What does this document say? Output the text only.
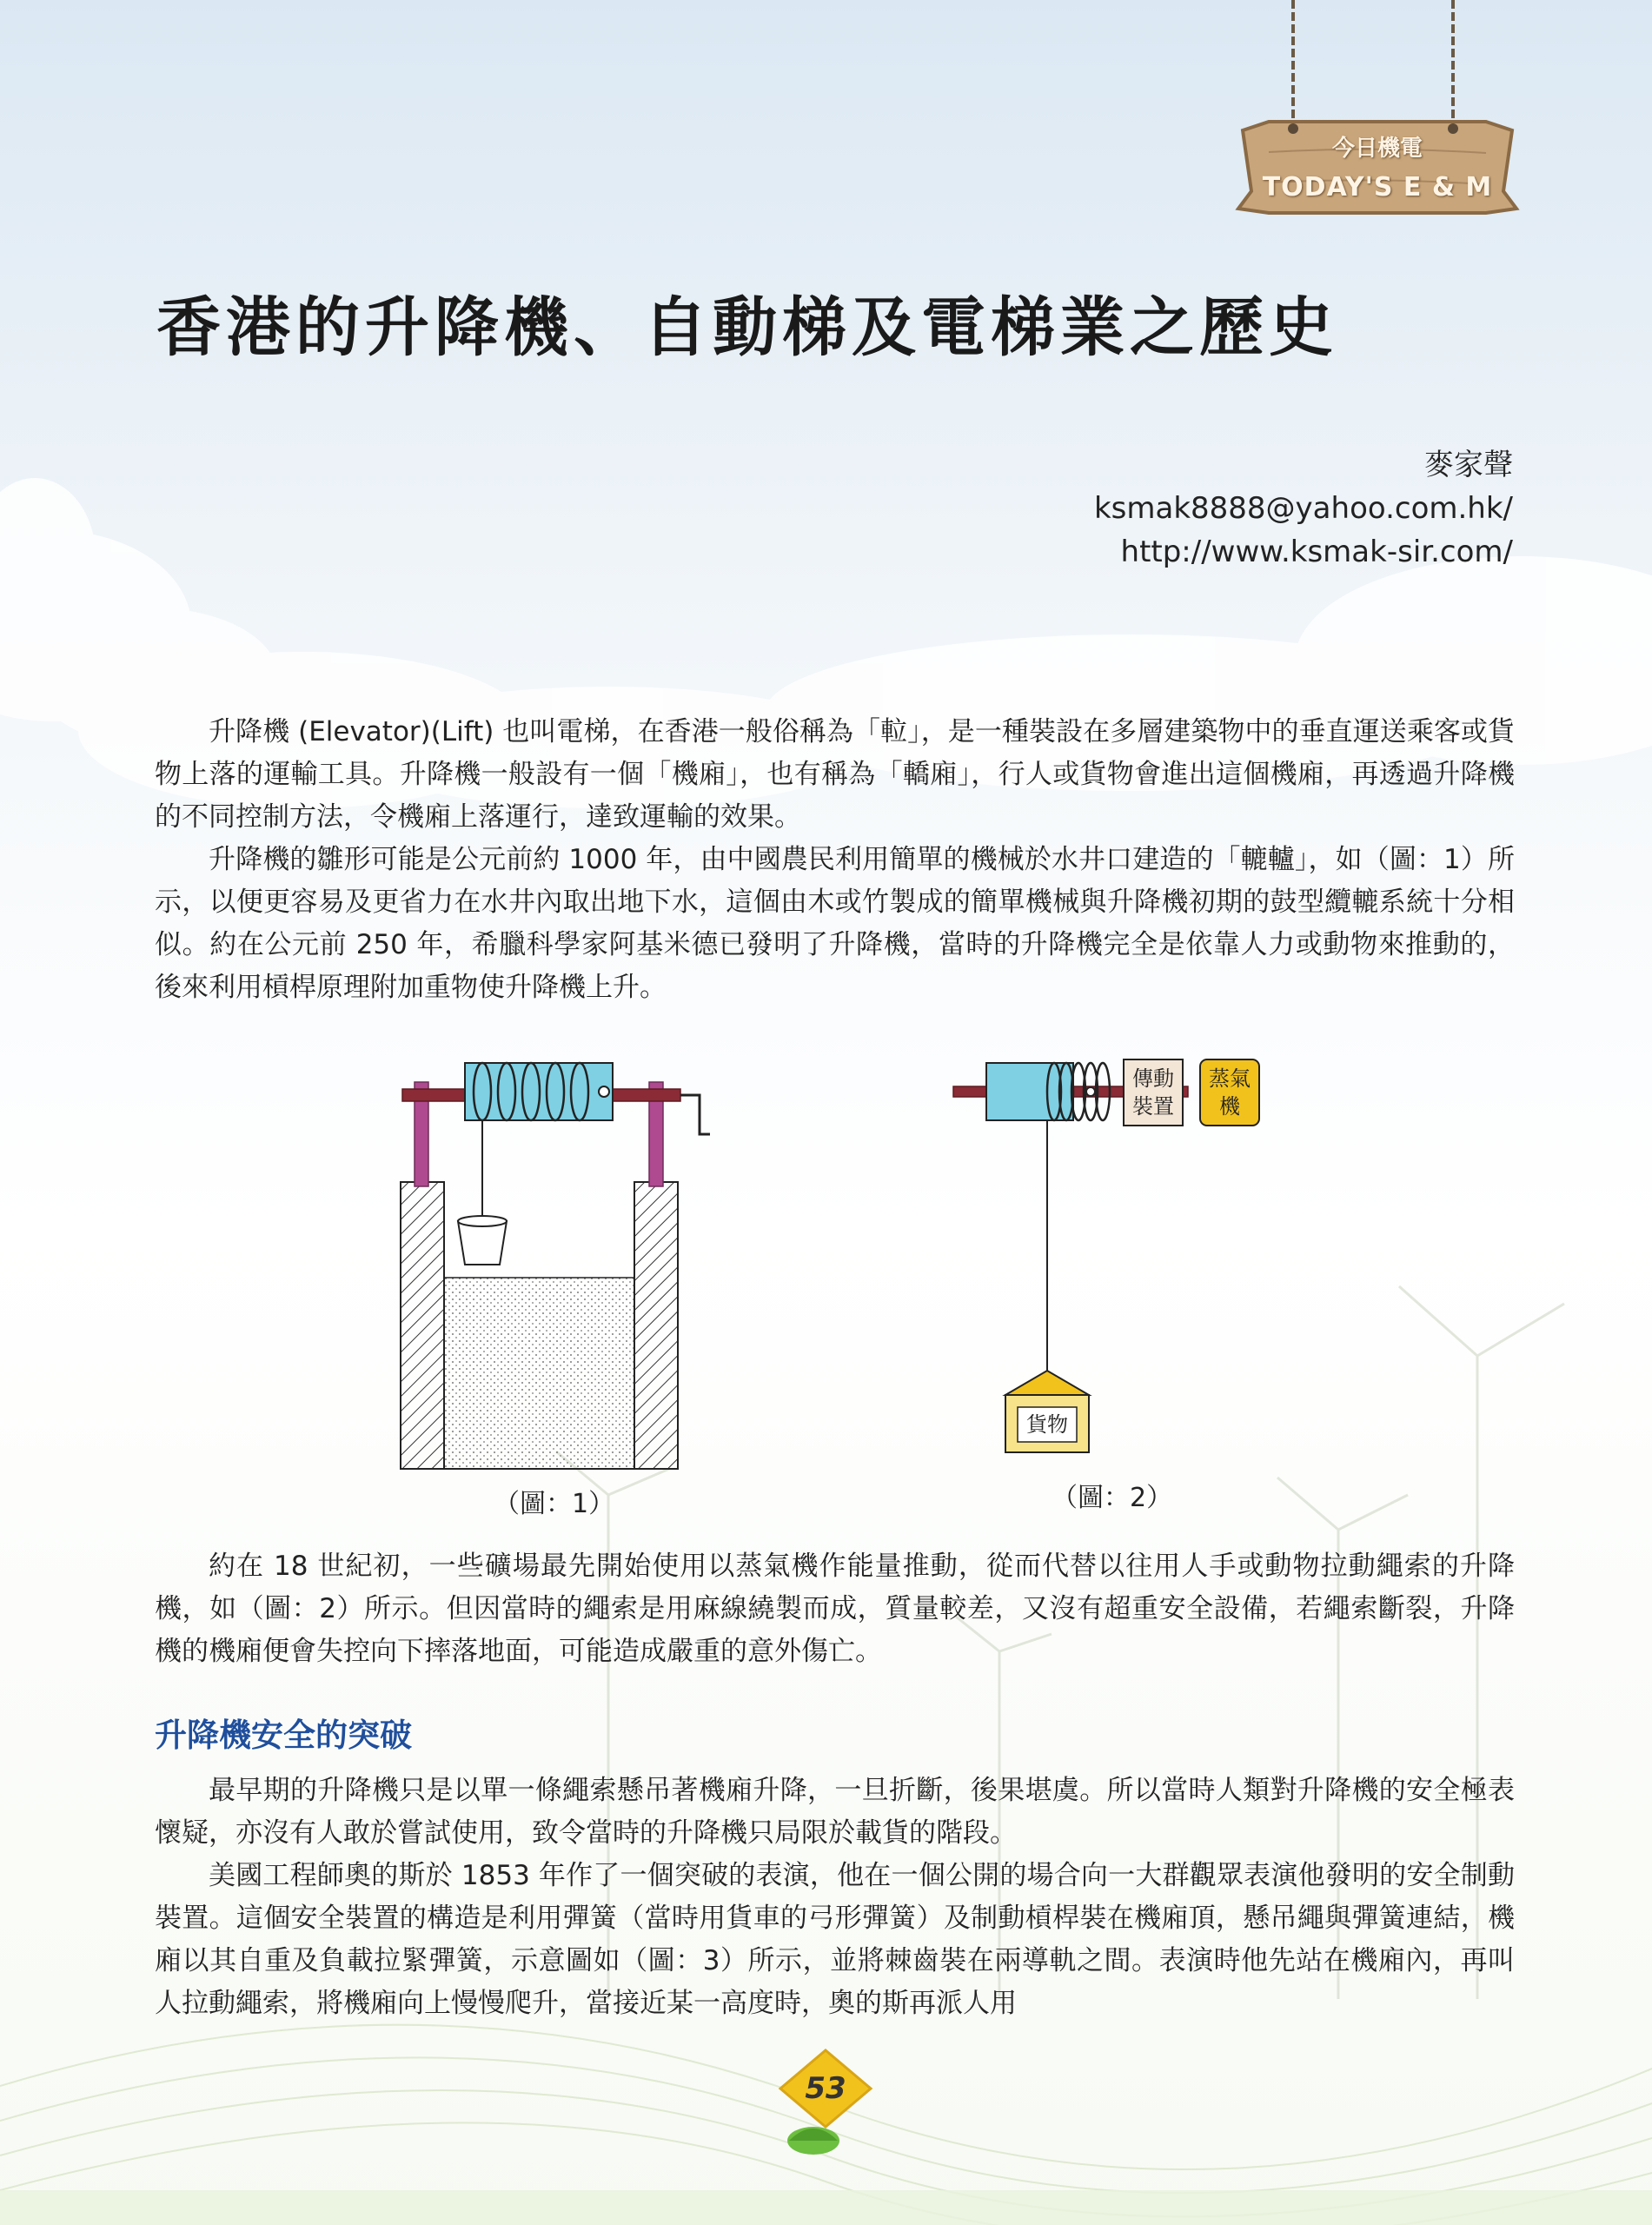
今日機電
TODAY'S E & M
香港的升降機、自動梯及電梯業之歷史
麥家聲
ksmak8888@yahoo.com.hk/
http://www.ksmak-sir.com/

升降機 (Elevator)(Lift) 也叫電梯，在香港一般俗稱為「𨋢」，是一種裝設在多層建築物中的垂直運送乘客或貨物上落的運輸工具。升降機一般設有一個「機廂」，也有稱為「轎廂」，行人或貨物會進出這個機廂，再透過升降機的不同控制方法，令機廂上落運行，達致運輸的效果。

升降機的雛形可能是公元前約 1000 年，由中國農民利用簡單的機械於水井口建造的「轆轤」，如（圖：1）所示，以便更容易及更省力在水井內取出地下水，這個由木或竹製成的簡單機械與升降機初期的鼓型纜轆系統十分相似。約在公元前 250 年，希臘科學家阿基米德已發明了升降機，當時的升降機完全是依靠人力或動物來推動的，後來利用槓桿原理附加重物使升降機上升。

（圖：1）
傳動
裝置
蒸氣
機
貨物
（圖：2）

約在 18 世紀初，一些礦場最先開始使用以蒸氣機作能量推動，從而代替以往用人手或動物拉動繩索的升降機，如（圖：2）所示。但因當時的繩索是用麻線繞製而成，質量較差，又沒有超重安全設備，若繩索斷裂，升降機的機廂便會失控向下摔落地面，可能造成嚴重的意外傷亡。

升降機安全的突破

最早期的升降機只是以單一條繩索懸吊著機廂升降，一旦折斷，後果堪虞。所以當時人類對升降機的安全極表懷疑，亦沒有人敢於嘗試使用，致令當時的升降機只局限於載貨的階段。

美國工程師奧的斯於 1853 年作了一個突破的表演，他在一個公開的場合向一大群觀眾表演他發明的安全制動裝置。這個安全裝置的構造是利用彈簧（當時用貨車的弓形彈簧）及制動槓桿裝在機廂頂，懸吊繩與彈簧連結，機廂以其自重及負載拉緊彈簧，示意圖如（圖：3）所示，並將棘齒裝在兩導軌之間。表演時他先站在機廂內，再叫人拉動繩索，將機廂向上慢慢爬升，當接近某一高度時，奧的斯再派人用

53
